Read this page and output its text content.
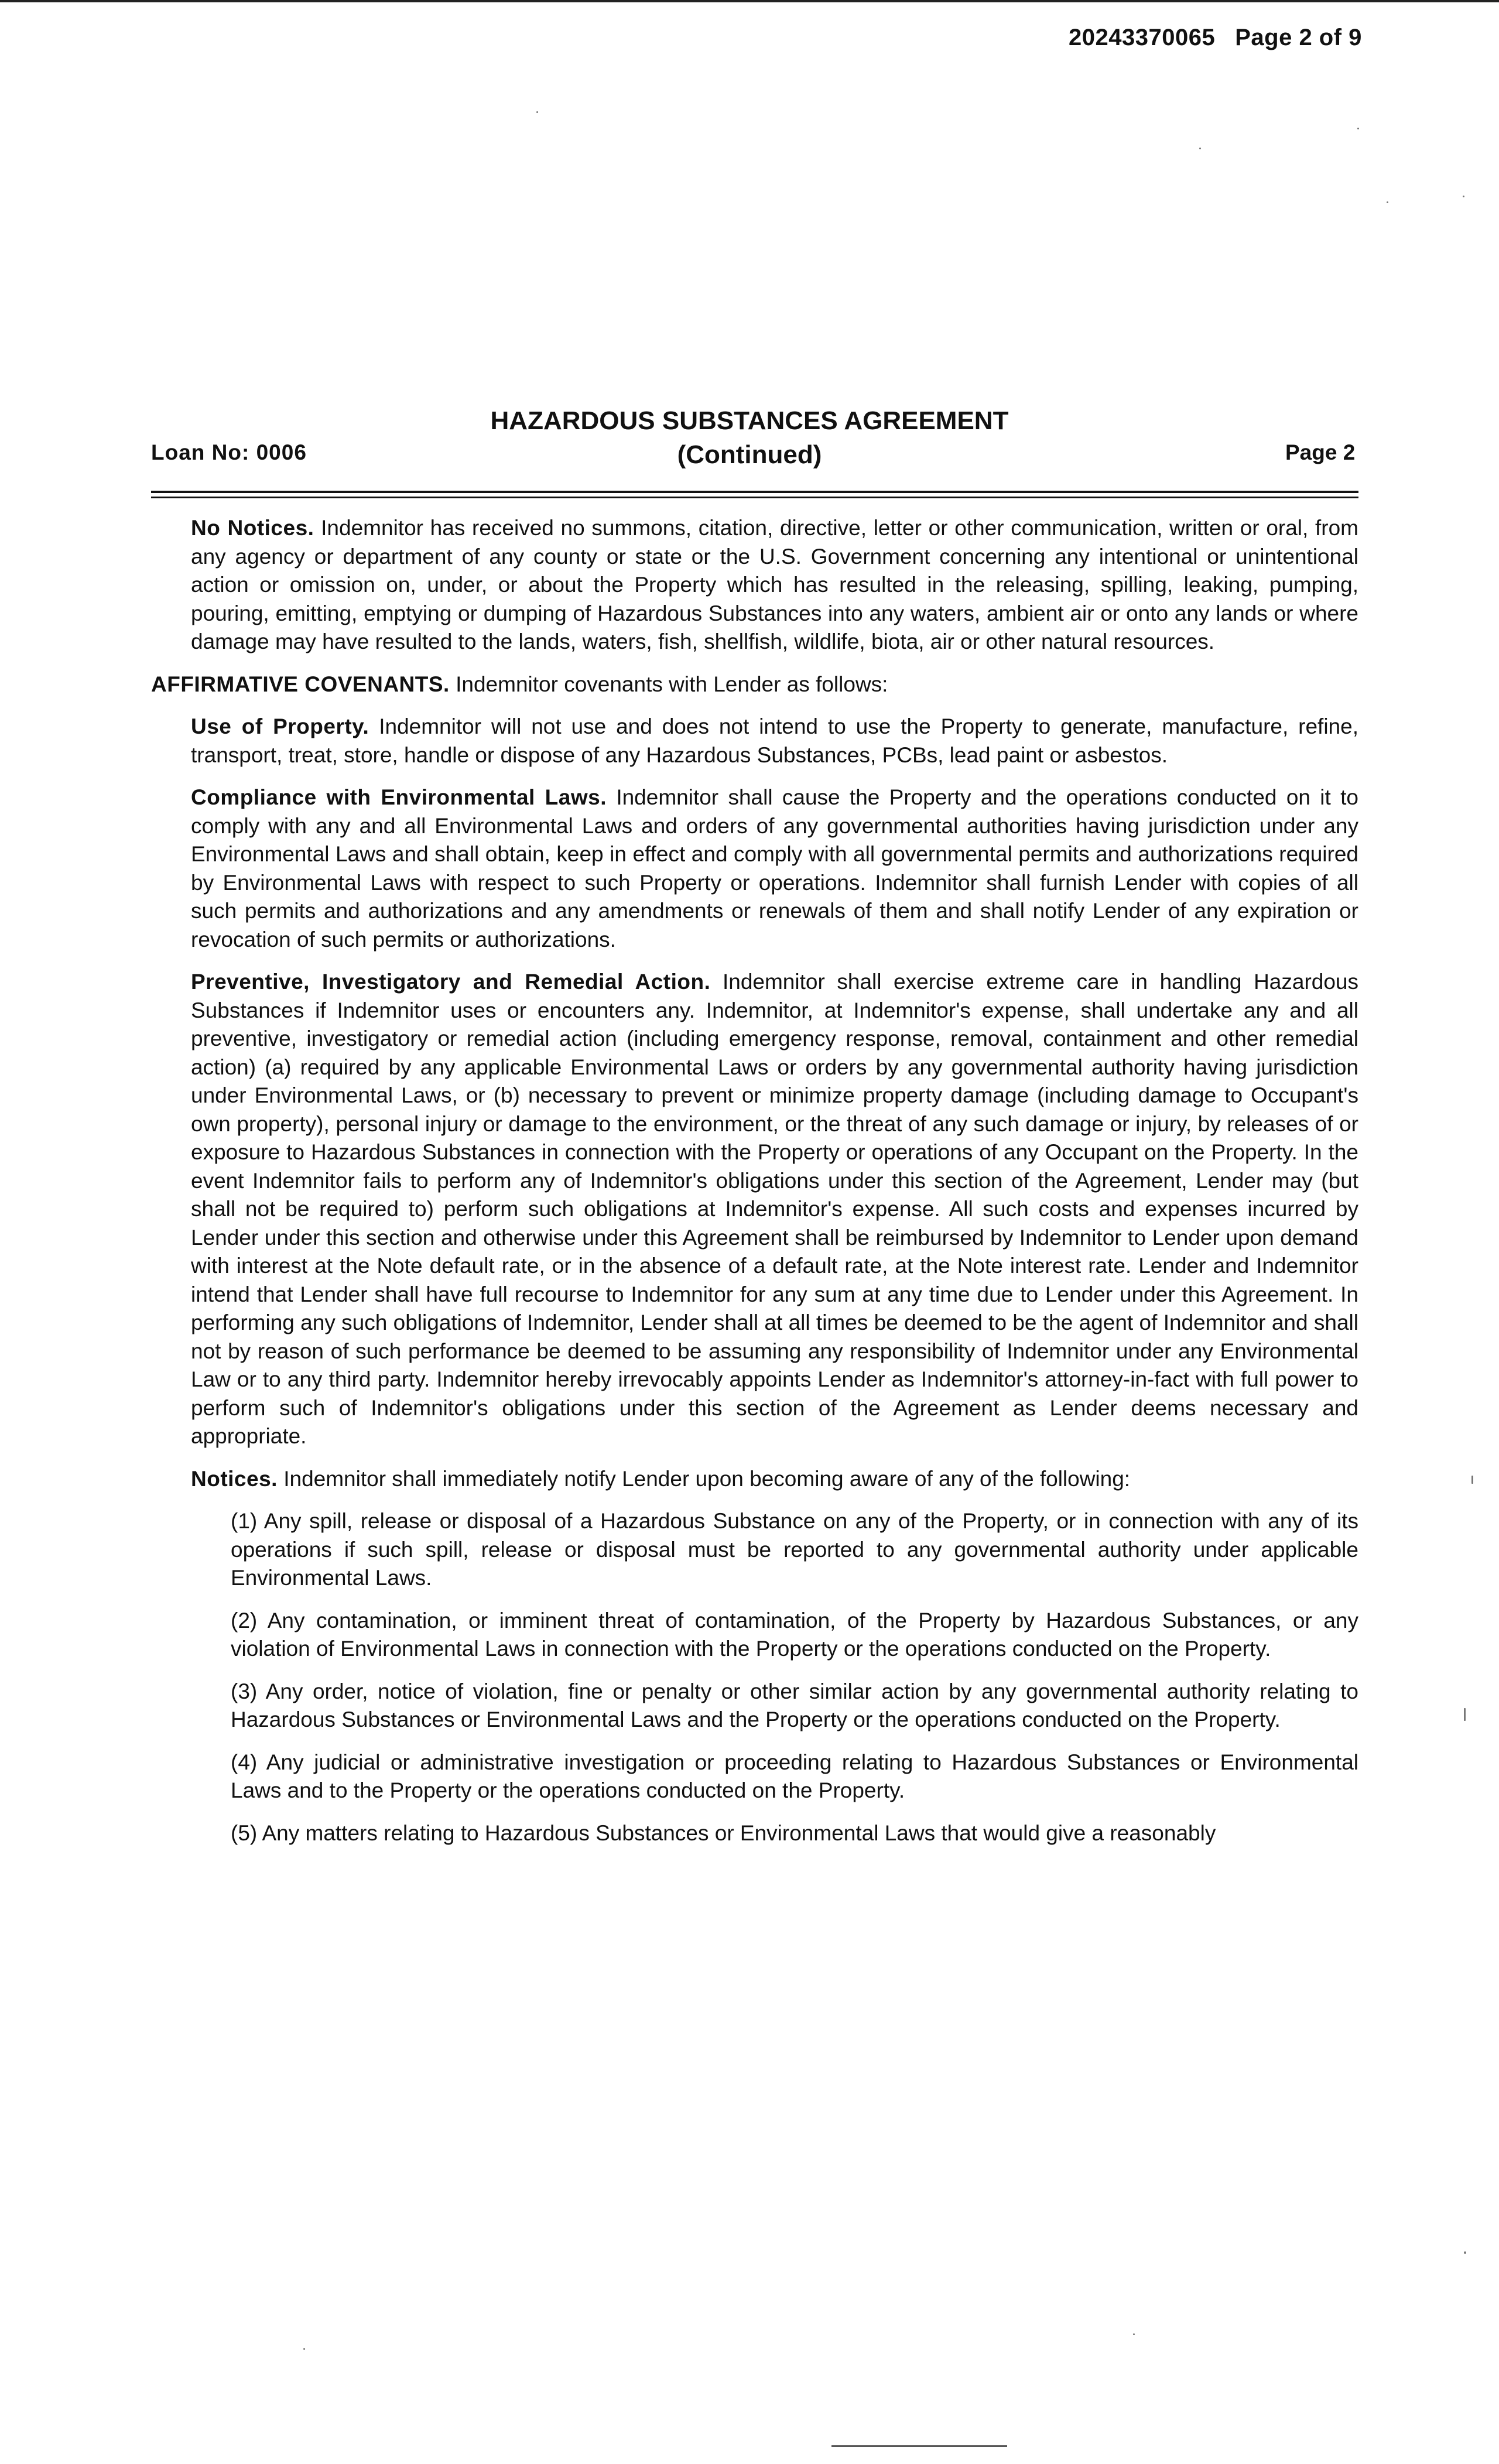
20243370065 Page 2 of 9
HAZARDOUS SUBSTANCES AGREEMENT
(Continued)
Loan No: 0006	Page 2

No Notices. Indemnitor has received no summons, citation, directive, letter or other communication, written or oral, from any agency or department of any county or state or the U.S. Government concerning any intentional or unintentional action or omission on, under, or about the Property which has resulted in the releasing, spilling, leaking, pumping, pouring, emitting, emptying or dumping of Hazardous Substances into any waters, ambient air or onto any lands or where damage may have resulted to the lands, waters, fish, shellfish, wildlife, biota, air or other natural resources.

AFFIRMATIVE COVENANTS. Indemnitor covenants with Lender as follows:

Use of Property. Indemnitor will not use and does not intend to use the Property to generate, manufacture, refine, transport, treat, store, handle or dispose of any Hazardous Substances, PCBs, lead paint or asbestos.

Compliance with Environmental Laws. Indemnitor shall cause the Property and the operations conducted on it to comply with any and all Environmental Laws and orders of any governmental authorities having jurisdiction under any Environmental Laws and shall obtain, keep in effect and comply with all governmental permits and authorizations required by Environmental Laws with respect to such Property or operations. Indemnitor shall furnish Lender with copies of all such permits and authorizations and any amendments or renewals of them and shall notify Lender of any expiration or revocation of such permits or authorizations.

Preventive, Investigatory and Remedial Action. Indemnitor shall exercise extreme care in handling Hazardous Substances if Indemnitor uses or encounters any. Indemnitor, at Indemnitor's expense, shall undertake any and all preventive, investigatory or remedial action (including emergency response, removal, containment and other remedial action) (a) required by any applicable Environmental Laws or orders by any governmental authority having jurisdiction under Environmental Laws, or (b) necessary to prevent or minimize property damage (including damage to Occupant's own property), personal injury or damage to the environment, or the threat of any such damage or injury, by releases of or exposure to Hazardous Substances in connection with the Property or operations of any Occupant on the Property. In the event Indemnitor fails to perform any of Indemnitor's obligations under this section of the Agreement, Lender may (but shall not be required to) perform such obligations at Indemnitor's expense. All such costs and expenses incurred by Lender under this section and otherwise under this Agreement shall be reimbursed by Indemnitor to Lender upon demand with interest at the Note default rate, or in the absence of a default rate, at the Note interest rate. Lender and Indemnitor intend that Lender shall have full recourse to Indemnitor for any sum at any time due to Lender under this Agreement. In performing any such obligations of Indemnitor, Lender shall at all times be deemed to be the agent of Indemnitor and shall not by reason of such performance be deemed to be assuming any responsibility of Indemnitor under any Environmental Law or to any third party. Indemnitor hereby irrevocably appoints Lender as Indemnitor's attorney-in-fact with full power to perform such of Indemnitor's obligations under this section of the Agreement as Lender deems necessary and appropriate.

Notices. Indemnitor shall immediately notify Lender upon becoming aware of any of the following:

(1) Any spill, release or disposal of a Hazardous Substance on any of the Property, or in connection with any of its operations if such spill, release or disposal must be reported to any governmental authority under applicable Environmental Laws.

(2) Any contamination, or imminent threat of contamination, of the Property by Hazardous Substances, or any violation of Environmental Laws in connection with the Property or the operations conducted on the Property.

(3) Any order, notice of violation, fine or penalty or other similar action by any governmental authority relating to Hazardous Substances or Environmental Laws and the Property or the operations conducted on the Property.

(4) Any judicial or administrative investigation or proceeding relating to Hazardous Substances or Environmental Laws and to the Property or the operations conducted on the Property.

(5) Any matters relating to Hazardous Substances or Environmental Laws that would give a reasonably
